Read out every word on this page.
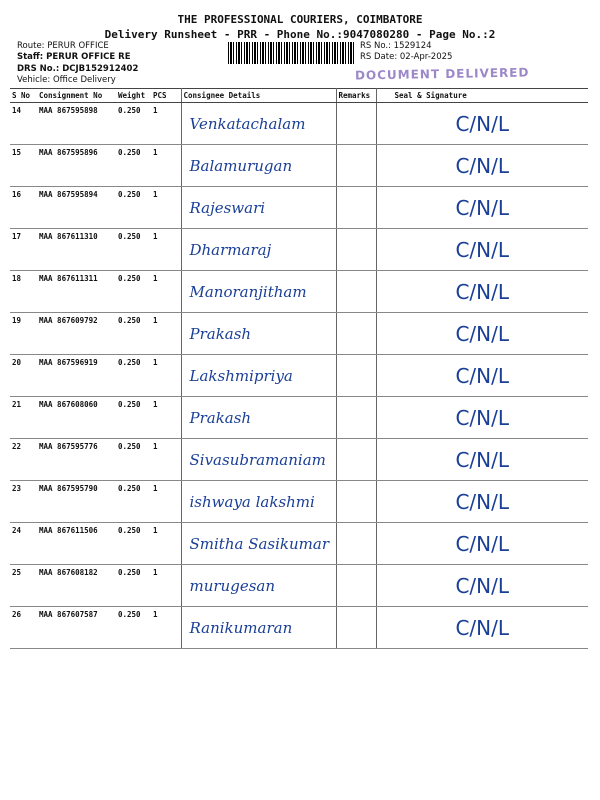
THE PROFESSIONAL COURIERS, COIMBATORE
Delivery Runsheet - PRR - Phone No.:9047080280 - Page No.:2
Route: PERUR OFFICE
Staff: PERUR OFFICE RE
DRS No.: DCJB152912402
Vehicle: Office Delivery
RS No.: 1529124
RS Date: 02-Apr-2025
DOCUMENT DELIVERED
S No	Consignment No	Weight	PCS	Consignee Details	Remarks	Seal & Signature
14	MAA 867595898	0.250	1	Venkatachalam		C/N/L
15	MAA 867595896	0.250	1	Balamurugan		C/N/L
16	MAA 867595894	0.250	1	Rajeswari		C/N/L
17	MAA 867611310	0.250	1	Dharmaraj		C/N/L
18	MAA 867611311	0.250	1	Manoranjitham		C/N/L
19	MAA 867609792	0.250	1	Prakash		C/N/L
20	MAA 867596919	0.250	1	Lakshmipriya		C/N/L
21	MAA 867608060	0.250	1	Prakash		C/N/L
22	MAA 867595776	0.250	1	Sivasubramaniam		C/N/L
23	MAA 867595790	0.250	1	ishwaya lakshmi		C/N/L
24	MAA 867611506	0.250	1	Smitha Sasikumar		C/N/L
25	MAA 867608182	0.250	1	murugesan		C/N/L
26	MAA 867607587	0.250	1	Ranikumaran		C/N/L
